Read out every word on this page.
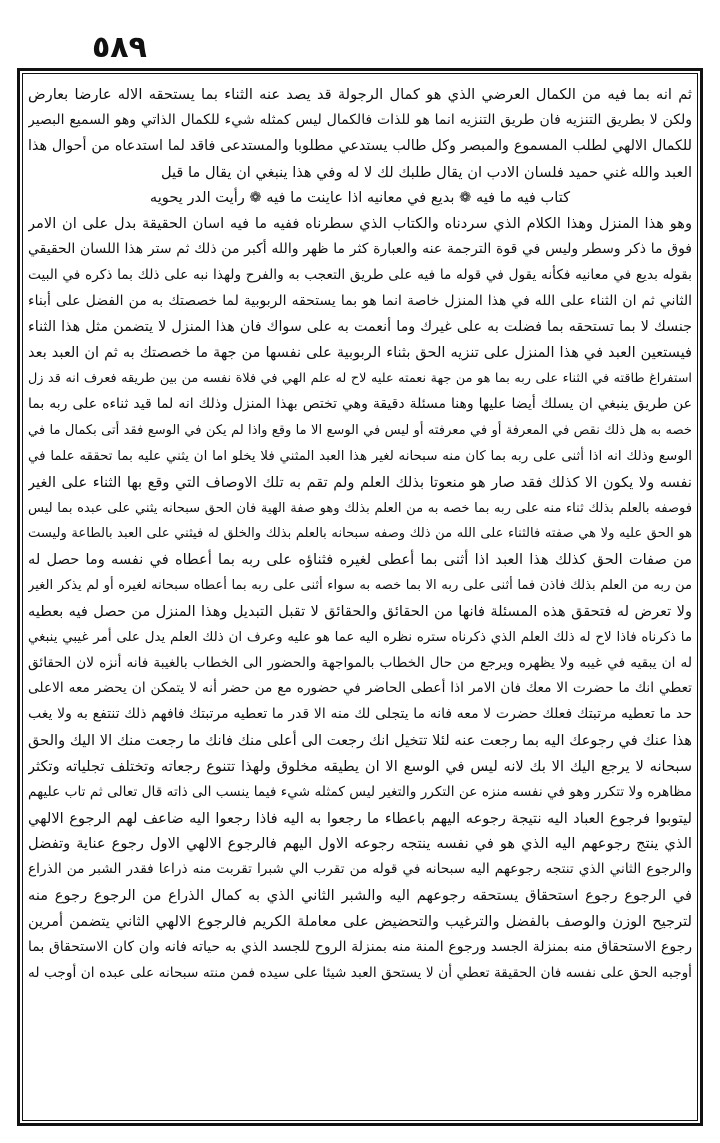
٥٨٩
ثم انه بما فيه من الكمال العرضي الذي هو كمال الرجولة قد يصد عنه الثناء بما يستحقه الاله عارضا بعارض
ولكن لا بطريق التنزيه فان طريق التنزيه انما هو للذات فالكمال ليس كمثله شيء للكمال الذاتي وهو السميع البصير
للكمال الالهي لطلب المسموع والمبصر وكل طالب يستدعي مطلوبا والمستدعى فاقد لما استدعاه من أحوال هذا
العبد والله غني حميد فلسان الادب ان يقال طلبك لك لا له وفي هذا ينبغي ان يقال ما قيل
كتاب فيه ما فيه ❁ بديع في معانيه اذا عاينت ما فيه ❁ رأيت الدر يحويه
وهو هذا المنزل وهذا الكلام الذي سردناه والكتاب الذي سطرناه ففيه ما فيه اسان الحقيقة بدل على ان الامر
فوق ما ذكر وسطر وليس في قوة الترجمة عنه والعبارة كثر ما ظهر والله أكبر من ذلك ثم ستر هذا اللسان الحقيقي
بقوله بديع في معانيه فكأنه يقول في قوله ما فيه على طريق التعجب به والفرح ولهذا نبه على ذلك بما ذكره في البيت
الثاني ثم ان الثناء على الله في هذا المنزل خاصة انما هو بما يستحقه الربوبية لما خصصتك به من الفضل على أبناء
جنسك لا بما تستحقه بما فضلت به على غيرك وما أنعمت به على سواك فان هذا المنزل لا يتضمن مثل هذا الثناء
فيستعين العبد في هذا المنزل على تنزيه الحق بثناء الربوبية على نفسها من جهة ما خصصتك به ثم ان العبد بعد
استفراغ طاقته في الثناء على ربه بما هو من جهة نعمته عليه لاح له علم الهي في فلاة نفسه من بين طريقه فعرف انه قد زل
عن طريق ينبغي ان يسلك أيضا عليها وهنا مسئلة دقيقة وهي تختص بهذا المنزل وذلك انه لما قيد ثناءه على ربه بما
خصه به هل ذلك نقص في المعرفة أو في معرفته أو ليس في الوسع الا ما وقع واذا لم يكن في الوسع فقد أتى بكمال ما في
الوسع وذلك انه اذا أثنى على ربه بما كان منه سبحانه لغير هذا العبد المثني فلا يخلو اما ان يثني عليه بما تحققه علما في
نفسه ولا يكون الا كذلك فقد صار هو منعوتا بذلك العلم ولم تقم به تلك الاوصاف التي وقع بها الثناء على الغير
فوصفه بالعلم بذلك ثناء منه على ربه بما خصه به من العلم بذلك وهو صفة الهية فان الحق سبحانه يثني على عبده بما ليس
هو الحق عليه ولا هي صفته فالثناء على الله من ذلك وصفه سبحانه بالعلم بذلك والخلق له فيثني على العبد بالطاعة وليست
من صفات الحق كذلك هذا العبد اذا أثنى بما أعطى لغيره فثناؤه على ربه بما أعطاه في نفسه وما حصل له
من ربه من العلم بذلك فاذن فما أثنى على ربه الا بما خصه به سواء أثنى على ربه بما أعطاه سبحانه لغيره أو لم يذكر الغير
ولا تعرض له فتحقق هذه المسئلة فانها من الحقائق والحقائق لا تقبل التبديل وهذا المنزل من حصل فيه بعطيه
ما ذكرناه فاذا لاح له ذلك العلم الذي ذكرناه ستره نظره اليه عما هو عليه وعرف ان ذلك العلم يدل على أمر غيبي ينبغي
له ان يبقيه في غيبه ولا يظهره ويرجع من حال الخطاب بالمواجهة والحضور الى الخطاب بالغيبة فانه أنزه لان الحقائق
تعطي انك ما حضرت الا معك فان الامر اذا أعطى الحاضر في حضوره مع من حضر أنه لا يتمكن ان يحضر معه الاعلى
حد ما تعطيه مرتبتك فعلك حضرت لا معه فانه ما يتجلى لك منه الا قدر ما تعطيه مرتبتك فافهم ذلك تنتفع به ولا يغب
هذا عنك في رجوعك اليه بما رجعت عنه لئلا تتخيل انك رجعت الى أعلى منك فانك ما رجعت منك الا اليك والحق
سبحانه لا يرجع اليك الا بك لانه ليس في الوسع الا ان يطيقه مخلوق ولهذا تتنوع رجعاته وتختلف تجلياته وتكثر
مظاهره ولا تتكرر وهو في نفسه منزه عن التكرر والتغير ليس كمثله شيء فيما ينسب الى ذاته قال تعالى ثم تاب عليهم
ليتوبوا فرجوع العباد اليه نتيجة رجوعه اليهم باعطاء ما رجعوا به اليه فاذا رجعوا اليه ضاعف لهم الرجوع الالهي
الذي ينتج رجوعهم اليه الذي هو في نفسه ينتجه رجوعه الاول اليهم فالرجوع الالهي الاول رجوع عناية وتفضل
والرجوع الثاني الذي تنتجه رجوعهم اليه سبحانه في قوله من تقرب الي شبرا تقربت منه ذراعا فقدر الشبر من الذراع
في الرجوع رجوع استحقاق يستحقه رجوعهم اليه والشبر الثاني الذي به كمال الذراع من الرجوع رجوع منه
لترجيح الوزن والوصف بالفضل والترغيب والتحضيض على معاملة الكريم فالرجوع الالهي الثاني يتضمن أمرين
رجوع الاستحقاق منه بمنزلة الجسد ورجوع المنة منه بمنزلة الروح للجسد الذي به حياته فانه وان كان الاستحقاق بما
أوجبه الحق على نفسه فان الحقيقة تعطي أن لا يستحق العبد شيئا على سيده فمن منته سبحانه على عبده ان أوجب له
